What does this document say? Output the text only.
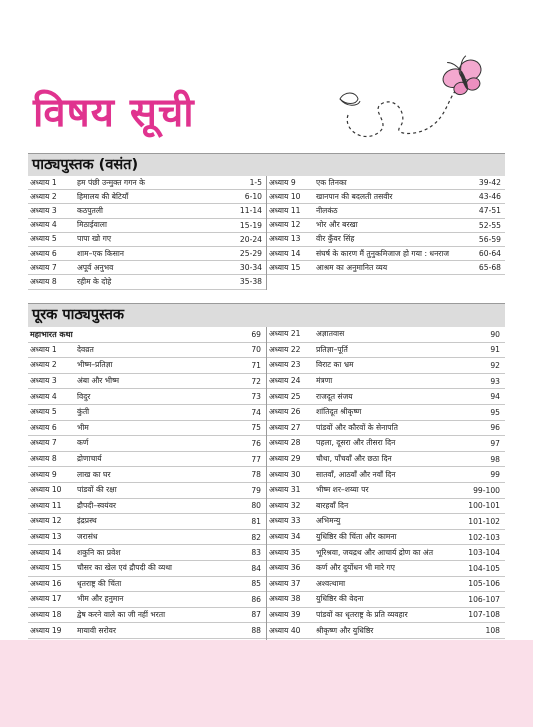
विषय सूची
पाठ्यपुस्तक (वसंत)
अध्याय 1	हम पंछी उन्मुक्त गगन के	1-5
अध्याय 2	हिमालय की बेटियाँ	6-10
अध्याय 3	कठपुतली	11-14
अध्याय 4	मिठाईवाला	15-19
अध्याय 5	पापा खो गए	20-24
अध्याय 6	शाम–एक किसान	25-29
अध्याय 7	अपूर्व अनुभव	30-34
अध्याय 8	रहीम के दोहे	35-38
अध्याय 9	एक तिनका	39-42
अध्याय 10	खानपान की बदलती तसवीर	43-46
अध्याय 11	नीलकंठ	47-51
अध्याय 12	भोर और बरखा	52-55
अध्याय 13	वीर कुँवर सिंह	56-59
अध्याय 14	संघर्ष के कारण मैं तुनुकमिजाज हो गया : धनराज	60-64
अध्याय 15	आश्रम का अनुमानित व्यय	65-68
पूरक पाठ्यपुस्तक
महाभारत कथा	69
अध्याय 1	देवव्रत	70
अध्याय 2	भीष्म–प्रतिज्ञा	71
अध्याय 3	अंबा और भीष्म	72
अध्याय 4	विदुर	73
अध्याय 5	कुंती	74
अध्याय 6	भीम	75
अध्याय 7	कर्ण	76
अध्याय 8	द्रोणाचार्य	77
अध्याय 9	लाख का घर	78
अध्याय 10	पांडवों की रक्षा	79
अध्याय 11	द्रौपदी–स्वयंवर	80
अध्याय 12	इंद्रप्रस्थ	81
अध्याय 13	जरासंध	82
अध्याय 14	शकुनि का प्रवेश	83
अध्याय 15	चौसर का खेल एवं द्रौपदी की व्यथा	84
अध्याय 16	धृतराष्ट्र की चिंता	85
अध्याय 17	भीम और हनुमान	86
अध्याय 18	द्वेष करने वाले का जी नहीं भरता	87
अध्याय 19	मायावी सरोवर	88
अध्याय 21	अज्ञातवास	90
अध्याय 22	प्रतिज्ञा–पूर्ति	91
अध्याय 23	विराट का भ्रम	92
अध्याय 24	मंत्रणा	93
अध्याय 25	राजदूत संजय	94
अध्याय 26	शांतिदूत श्रीकृष्ण	95
अध्याय 27	पांडवों और कौरवों के सेनापति	96
अध्याय 28	पहला, दूसरा और तीसरा दिन	97
अध्याय 29	चौथा, पाँचवाँ और छठा दिन	98
अध्याय 30	सातवाँ, आठवाँ और नवाँ दिन	99
अध्याय 31	भीष्म शर–शय्या पर	99-100
अध्याय 32	बारहवाँ दिन	100-101
अध्याय 33	अभिमन्यु	101-102
अध्याय 34	युधिष्ठिर की चिंता और कामना	102-103
अध्याय 35	भूरिश्रवा, जयद्रथ और आचार्य द्रोण का अंत	103-104
अध्याय 36	कर्ण और दुर्योधन भी मारे गए	104-105
अध्याय 37	अश्वत्थामा	105-106
अध्याय 38	युधिष्ठिर की वेदना	106-107
अध्याय 39	पांडवों का धृतराष्ट्र के प्रति व्यवहार	107-108
अध्याय 40	श्रीकृष्ण और युधिष्ठिर	108
